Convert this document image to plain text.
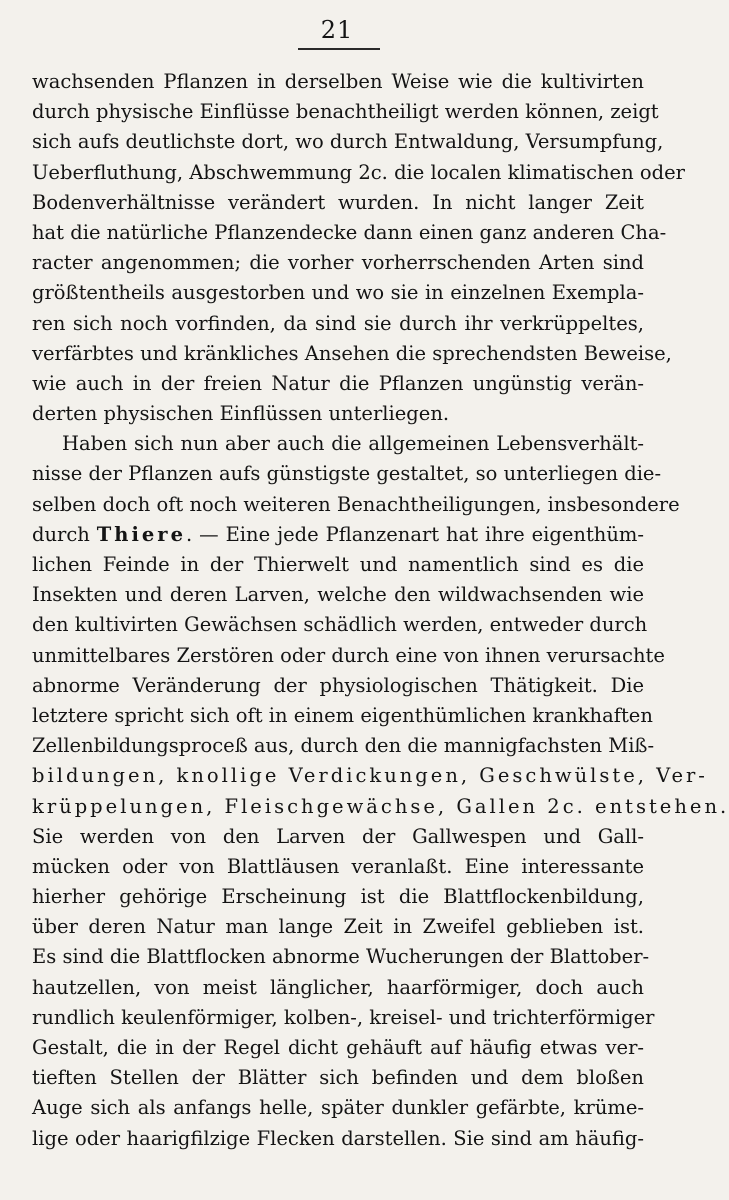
21
wachsenden Pflanzen in derselben Weise wie die kultivirten
durch physische Einflüsse benachtheiligt werden können, zeigt
sich aufs deutlichste dort, wo durch Entwaldung, Versumpfung,
Ueberfluthung, Abschwemmung 2c. die localen klimatischen oder
Bodenverhältnisse verändert wurden. In nicht langer Zeit
hat die natürliche Pflanzendecke dann einen ganz anderen Cha-
racter angenommen; die vorher vorherrschenden Arten sind
größtentheils ausgestorben und wo sie in einzelnen Exempla-
ren sich noch vorfinden, da sind sie durch ihr verkrüppeltes,
verfärbtes und kränkliches Ansehen die sprechendsten Beweise,
wie auch in der freien Natur die Pflanzen ungünstig verän-
derten physischen Einflüssen unterliegen.
Haben sich nun aber auch die allgemeinen Lebensverhält-
nisse der Pflanzen aufs günstigste gestaltet, so unterliegen die-
selben doch oft noch weiteren Benachtheiligungen, insbesondere
durch Thiere. — Eine jede Pflanzenart hat ihre eigenthüm-
lichen Feinde in der Thierwelt und namentlich sind es die
Insekten und deren Larven, welche den wildwachsenden wie
den kultivirten Gewächsen schädlich werden, entweder durch
unmittelbares Zerstören oder durch eine von ihnen verursachte
abnorme Veränderung der physiologischen Thätigkeit. Die
letztere spricht sich oft in einem eigenthümlichen krankhaften
Zellenbildungsproceß aus, durch den die mannigfachsten Miß-
bildungen, knollige Verdickungen, Geschwülste, Ver-
krüppelungen, Fleischgewächse, Gallen 2c. entstehen.
Sie werden von den Larven der Gallwespen und Gall-
mücken oder von Blattläusen veranlaßt. Eine interessante
hierher gehörige Erscheinung ist die Blattflockenbildung,
über deren Natur man lange Zeit in Zweifel geblieben ist.
Es sind die Blattflocken abnorme Wucherungen der Blattober-
hautzellen, von meist länglicher, haarförmiger, doch auch
rundlich keulenförmiger, kolben-, kreisel- und trichterförmiger
Gestalt, die in der Regel dicht gehäuft auf häufig etwas ver-
tieften Stellen der Blätter sich befinden und dem bloßen
Auge sich als anfangs helle, später dunkler gefärbte, krüme-
lige oder haarigfilzige Flecken darstellen. Sie sind am häufig-
